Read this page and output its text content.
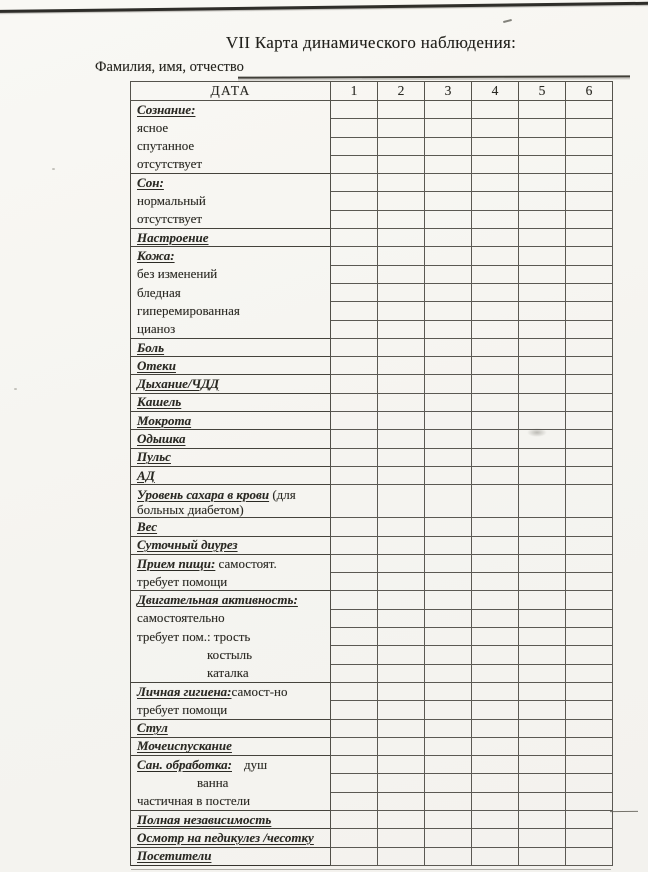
VII Карта динамического наблюдения:
Фамилия, имя, отчество
ДАТА	1	2	3	4	5	6
Сознание:						
ясное						
спутанное						
отсутствует						
Сон:						
нормальный						
отсутствует						
Настроение						
Кожа:						
без изменений						
бледная						
гиперемированная						
цианоз						
Боль						
Отеки						
Дыхание/ЧДД						
Кашель						
Мокрота						
Одышка						
Пульс						
АД						
Уровень сахара в крови (для больных диабетом)						
Вес						
Суточный диурез						
Прием пищи: самостоят.						
требует помощи						
Двигательная активность:						
самостоятельно						
требует пом.: трость						
костыль						
каталка						
Личная гигиена:самост-но						
требует помощи						
Стул						
Мочеиспускание						
Сан. обработка: душ						
ванна						
частичная в постели						
Полная независимость						
Осмотр на педикулез /чесотку						
Посетители						
